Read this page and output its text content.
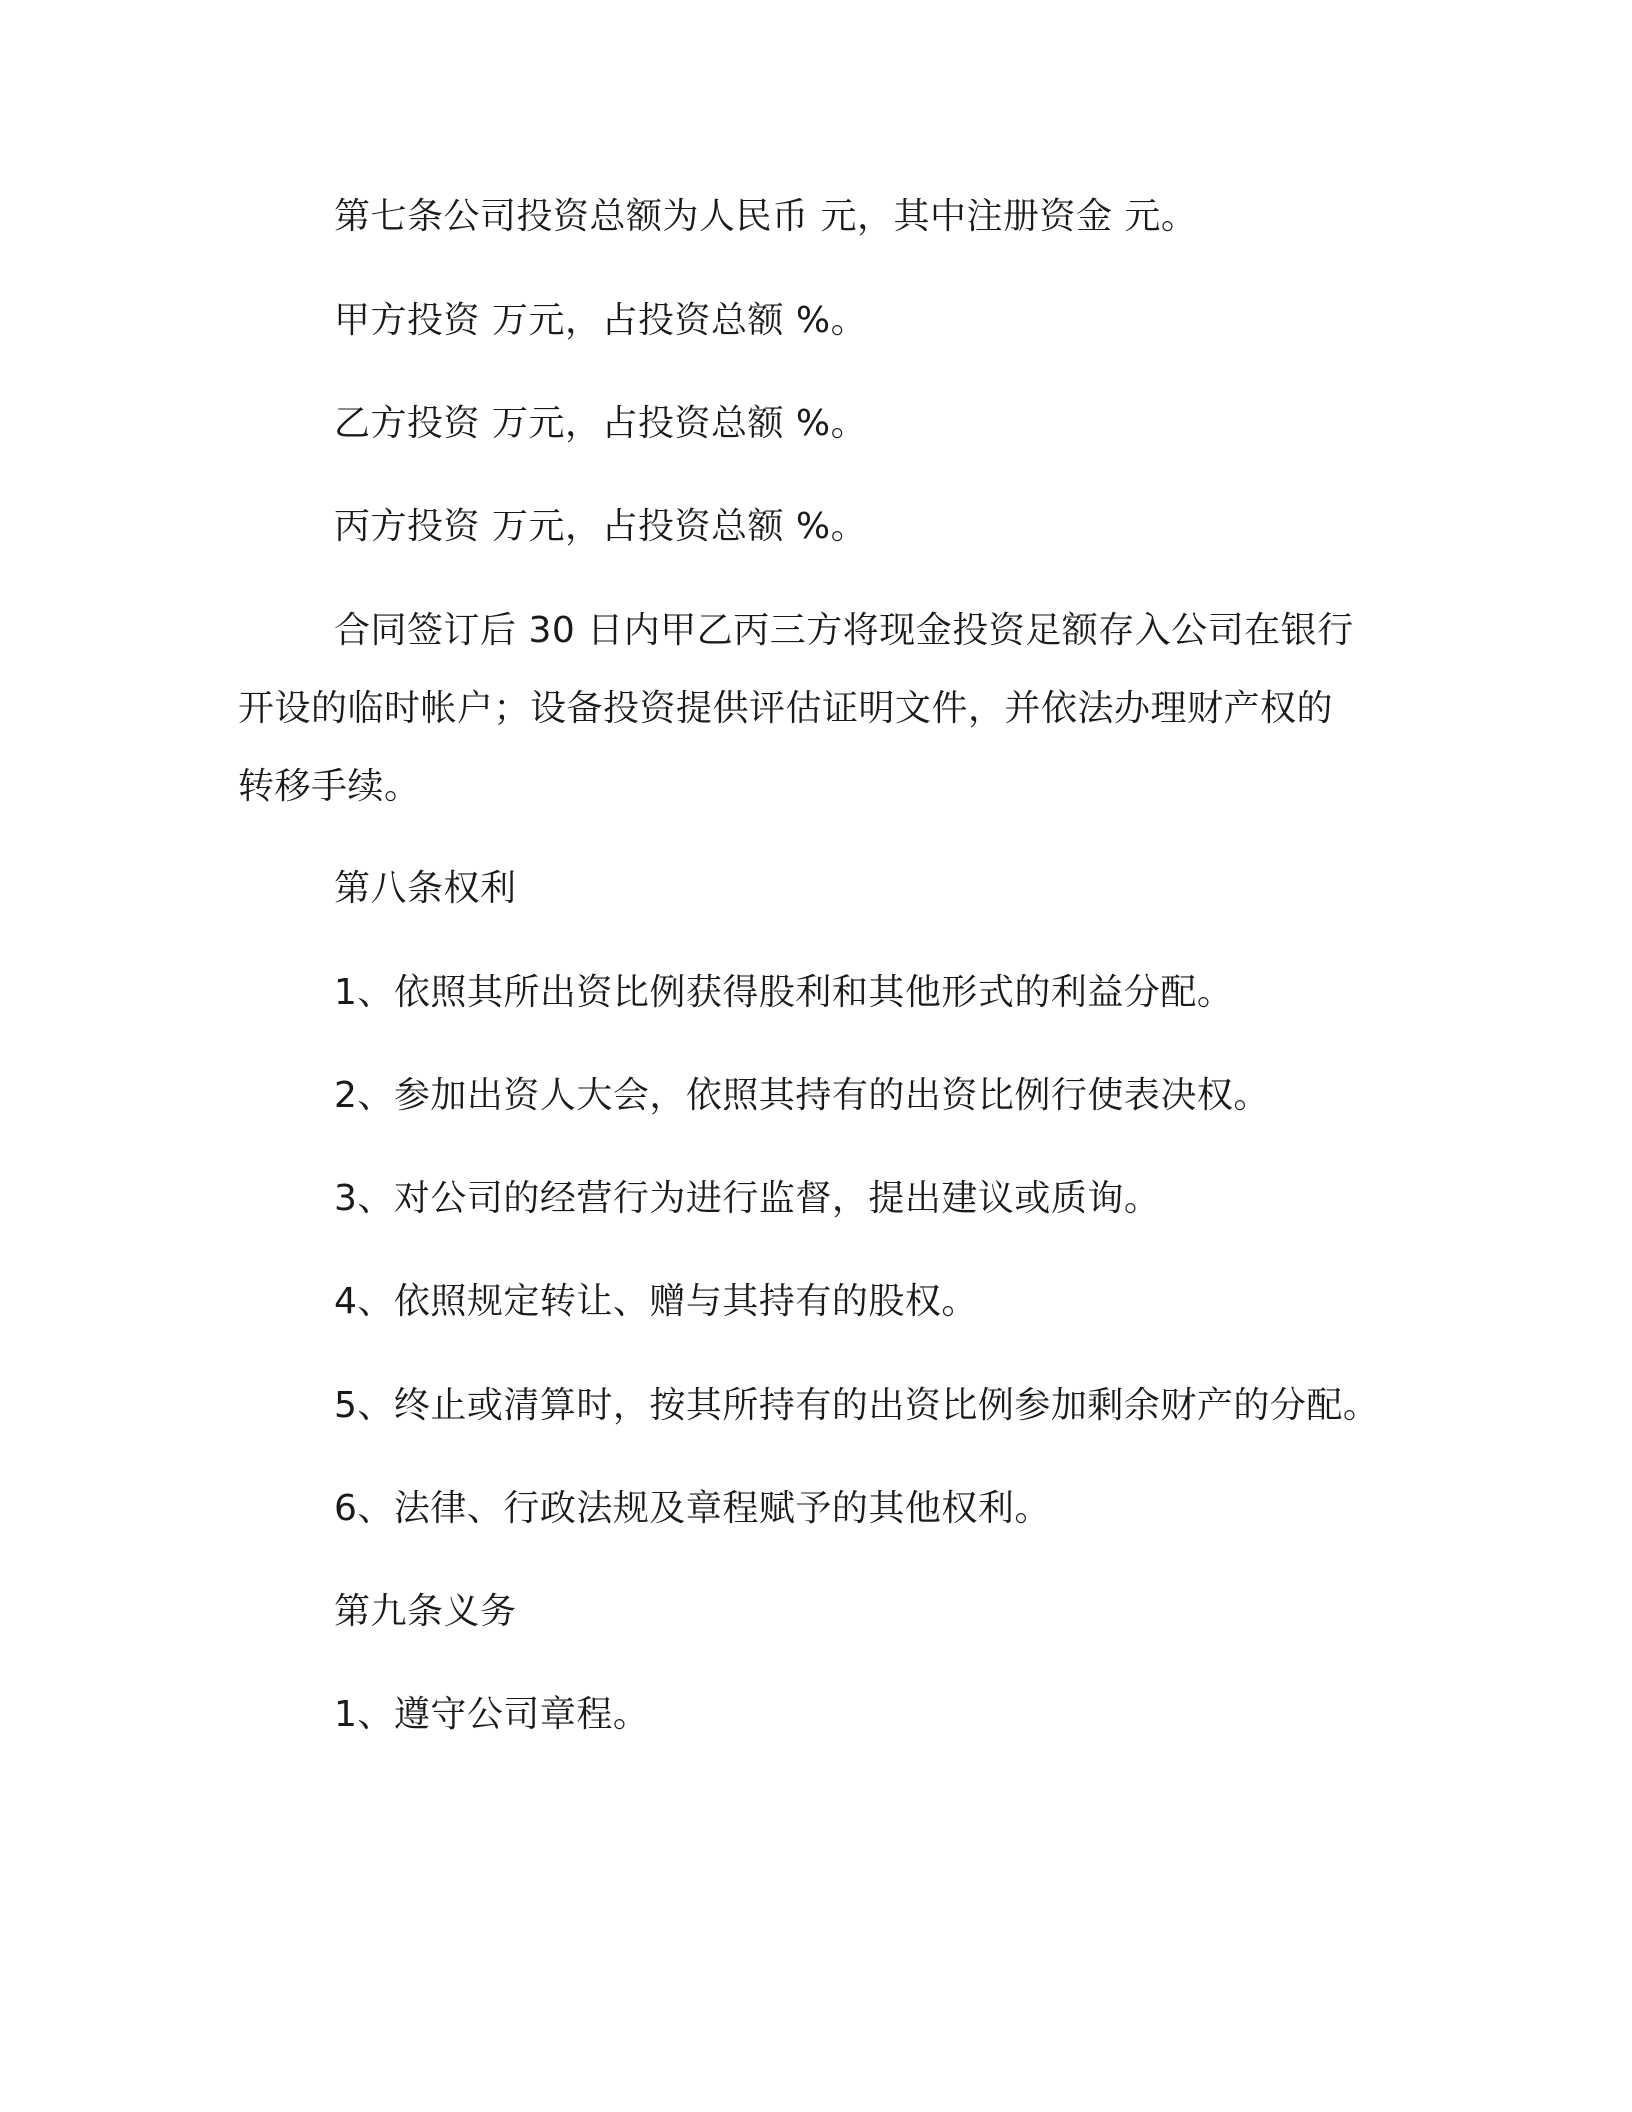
第七条公司投资总额为人民币 元，其中注册资金 元。
甲方投资 万元，占投资总额 %。
乙方投资 万元，占投资总额 %。
丙方投资 万元，占投资总额 %。
合同签订后 30 日内甲乙丙三方将现金投资足额存入公司在银行
开设的临时帐户；设备投资提供评估证明文件，并依法办理财产权的
转移手续。
第八条权利
1、依照其所出资比例获得股利和其他形式的利益分配。
2、参加出资人大会，依照其持有的出资比例行使表决权。
3、对公司的经营行为进行监督，提出建议或质询。
4、依照规定转让、赠与其持有的股权。
5、终止或清算时，按其所持有的出资比例参加剩余财产的分配。
6、法律、行政法规及章程赋予的其他权利。
第九条义务
1、遵守公司章程。
